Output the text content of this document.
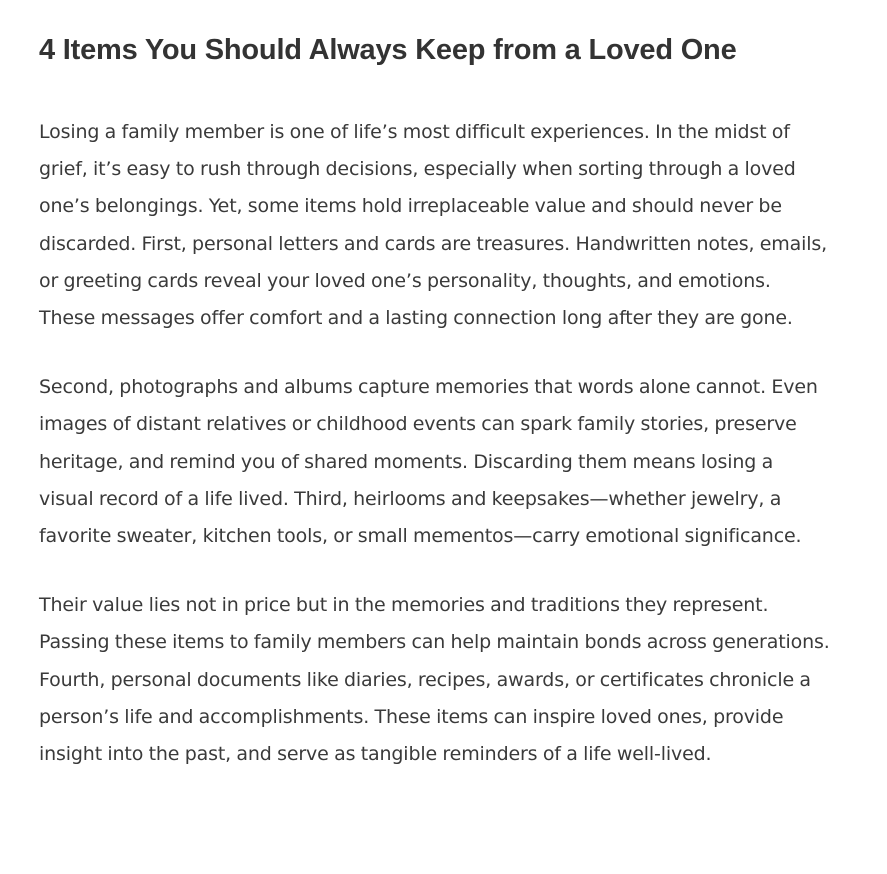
4 Items You Should Always Keep from a Loved One

Losing a family member is one of life’s most difficult experiences. In the midst of grief, it’s easy to rush through decisions, especially when sorting through a loved one’s belongings. Yet, some items hold irreplaceable value and should never be discarded. First, personal letters and cards are treasures. Handwritten notes, emails, or greeting cards reveal your loved one’s personality, thoughts, and emotions. These messages offer comfort and a lasting connection long after they are gone.

Second, photographs and albums capture memories that words alone cannot. Even images of distant relatives or childhood events can spark family stories, preserve heritage, and remind you of shared moments. Discarding them means losing a visual record of a life lived. Third, heirlooms and keepsakes—whether jewelry, a favorite sweater, kitchen tools, or small mementos—carry emotional significance.

Their value lies not in price but in the memories and traditions they represent. Passing these items to family members can help maintain bonds across generations. Fourth, personal documents like diaries, recipes, awards, or certificates chronicle a person’s life and accomplishments. These items can inspire loved ones, provide insight into the past, and serve as tangible reminders of a life well-lived.
